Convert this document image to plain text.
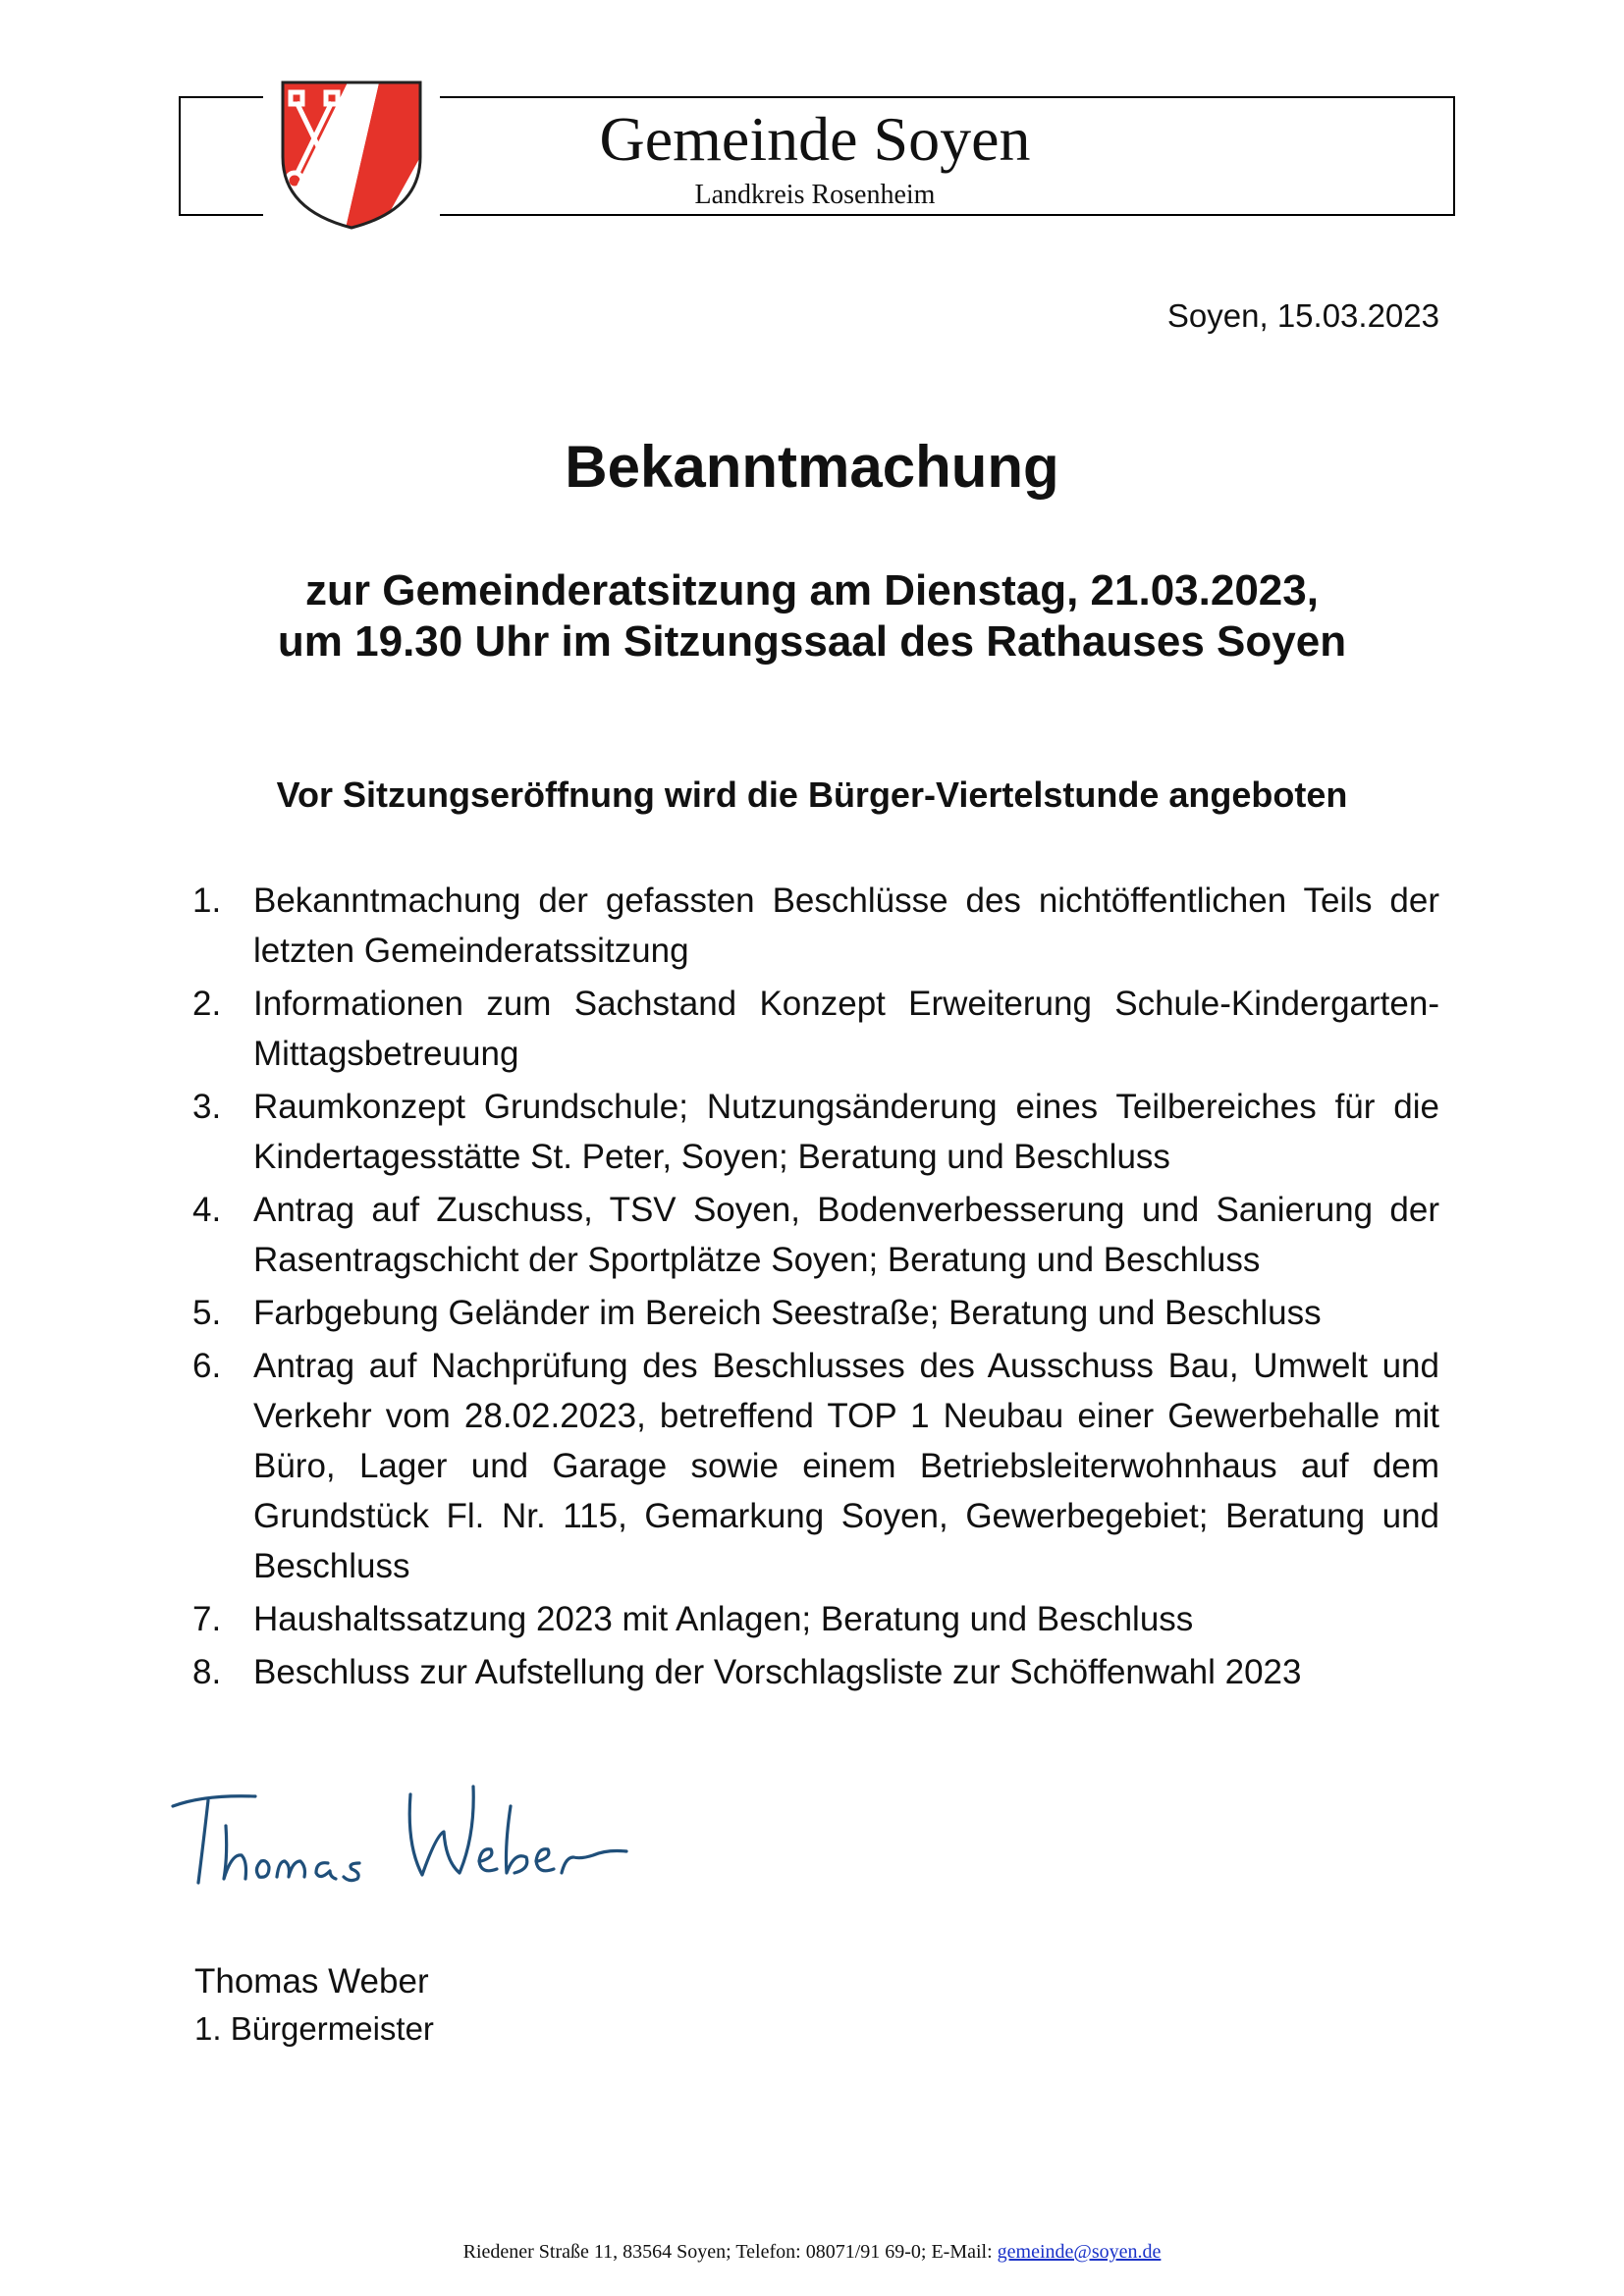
Gemeinde Soyen
Landkreis Rosenheim
Soyen, 15.03.2023
Bekanntmachung
zur Gemeinderatsitzung am Dienstag, 21.03.2023,
um 19.30 Uhr im Sitzungssaal des Rathauses Soyen
Vor Sitzungseröffnung wird die Bürger-Viertelstunde angeboten
1. Bekanntmachung der gefassten Beschlüsse des nichtöffentlichen Teils der letzten Gemeinderatssitzung
2. Informationen zum Sachstand Konzept Erweiterung Schule-Kindergarten-Mittagsbetreuung
3. Raumkonzept Grundschule; Nutzungsänderung eines Teilbereiches für die Kindertagesstätte St. Peter, Soyen; Beratung und Beschluss
4. Antrag auf Zuschuss, TSV Soyen, Bodenverbesserung und Sanierung der Rasentragschicht der Sportplätze Soyen; Beratung und Beschluss
5. Farbgebung Geländer im Bereich Seestraße; Beratung und Beschluss
6. Antrag auf Nachprüfung des Beschlusses des Ausschuss Bau, Umwelt und Verkehr vom 28.02.2023, betreffend TOP 1 Neubau einer Gewerbehalle mit Büro, Lager und Garage sowie einem Betriebsleiterwohnhaus auf dem Grundstück Fl. Nr. 115, Gemarkung Soyen, Gewerbegebiet; Beratung und Beschluss
7. Haushaltssatzung 2023 mit Anlagen; Beratung und Beschluss
8. Beschluss zur Aufstellung der Vorschlagsliste zur Schöffenwahl 2023
Thomas Weber
1. Bürgermeister
Riedener Straße 11, 83564 Soyen; Telefon: 08071/91 69-0; E-Mail: gemeinde@soyen.de
